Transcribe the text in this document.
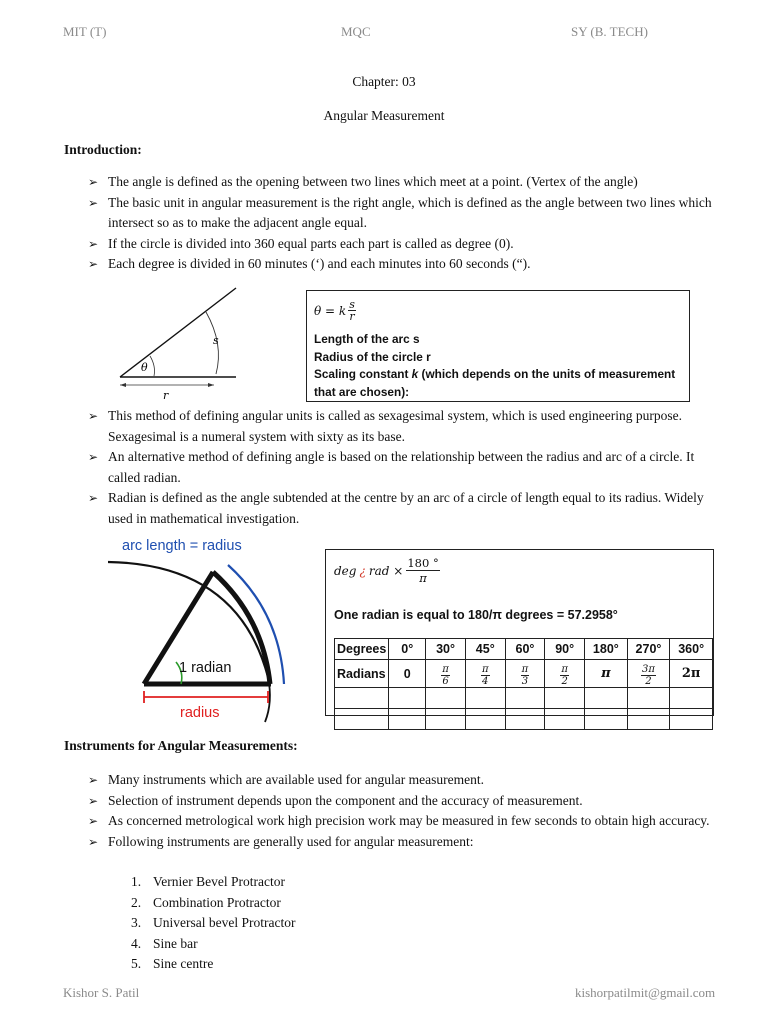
MIT (T)	MQC	SY (B. TECH)
Chapter: 03
Angular Measurement
Introduction:
➢ The angle is defined as the opening between two lines which meet at a point. (Vertex of the angle)
➢ The basic unit in angular measurement is the right angle, which is defined as the angle between two lines which intersect so as to make the adjacent angle equal.
➢ If the circle is divided into 360 equal parts each part is called as degree (0).
➢ Each degree is divided in 60 minutes (‘) and each minutes into 60 seconds (“).
θ
s
r
θ = k $\frac{s}{r}$
Length of the arc s
Radius of the circle r
Scaling constant k (which depends on the units of measurement
that are chosen):
➢ This method of defining angular units is called as sexagesimal system, which is used engineering purpose. Sexagesimal is a numeral system with sixty as its base.
➢ An alternative method of defining angle is based on the relationship between the radius and arc of a circle. It called radian.
➢ Radian is defined as the angle subtended at the centre by an arc of a circle of length equal to its radius. Widely used in mathematical investigation.
arc length = radius
1 radian
radius
deg ¿ rad × $\frac{180 ^\circ}{\pi}$
One radian is equal to 180/π degrees = 57.2958°
Degrees	0°	30°	45°	60°	90°	180°	270°	360°
Radians	0	$\frac{\pi}{6}$	$\frac{\pi}{4}$	$\frac{\pi}{3}$	$\frac{\pi}{2}$	π	$\frac{3\pi}{2}$	2π

Instruments for Angular Measurements:
➢ Many instruments which are available used for angular measurement.
➢ Selection of instrument depends upon the component and the accuracy of measurement.
➢ As concerned metrological work high precision work may be measured in few seconds to obtain high accuracy.
➢ Following instruments are generally used for angular measurement:
1. Vernier Bevel Protractor
2. Combination Protractor
3. Universal bevel Protractor
4. Sine bar
5. Sine centre
Kishor S. Patil	kishorpatilmit@gmail.com
